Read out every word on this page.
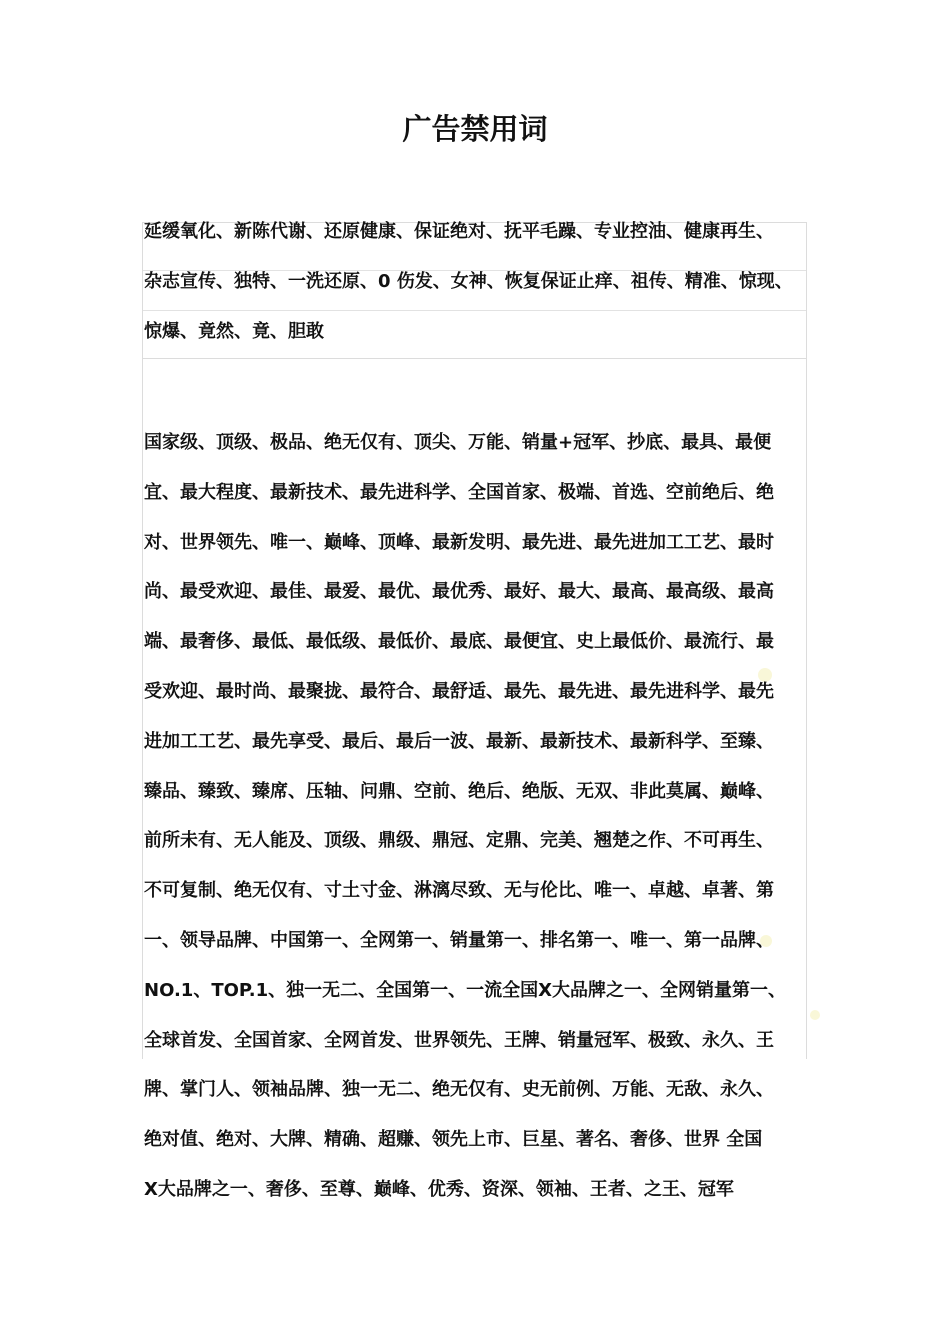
广告禁用词
延缓氧化、新陈代谢、还原健康、保证绝对、抚平毛躁、专业控油、健康再生、
杂志宣传、独特、一洗还原、0 伤发、女神、恢复保证止痒、祖传、精准、惊现、
惊爆、竟然、竟、胆敢
国家级、顶级、极品、绝无仅有、顶尖、万能、销量+冠军、抄底、最具、最便
宜、最大程度、最新技术、最先进科学、全国首家、极端、首选、空前绝后、绝
对、世界领先、唯一、巅峰、顶峰、最新发明、最先进、最先进加工工艺、最时
尚、最受欢迎、最佳、最爱、最优、最优秀、最好、最大、最高、最高级、最高
端、最奢侈、最低、最低级、最低价、最底、最便宜、史上最低价、最流行、最
受欢迎、最时尚、最聚拢、最符合、最舒适、最先、最先进、最先进科学、最先
进加工工艺、最先享受、最后、最后一波、最新、最新技术、最新科学、至臻、
臻品、臻致、臻席、压轴、问鼎、空前、绝后、绝版、无双、非此莫属、巅峰、
前所未有、无人能及、顶级、鼎级、鼎冠、定鼎、完美、翘楚之作、不可再生、
不可复制、绝无仅有、寸土寸金、淋漓尽致、无与伦比、唯一、卓越、卓著、第
一、领导品牌、中国第一、全网第一、销量第一、排名第一、唯一、第一品牌、
NO.1、TOP.1、独一无二、全国第一、一流全国Ⅹ大品牌之一、全网销量第一、
全球首发、全国首家、全网首发、世界领先、王牌、销量冠军、极致、永久、王
牌、掌门人、领袖品牌、独一无二、绝无仅有、史无前例、万能、无敌、永久、
绝对值、绝对、大牌、精确、超赚、领先上市、巨星、著名、奢侈、世界 全国
Ⅹ大品牌之一、奢侈、至尊、巅峰、优秀、资深、领袖、王者、之王、冠军
